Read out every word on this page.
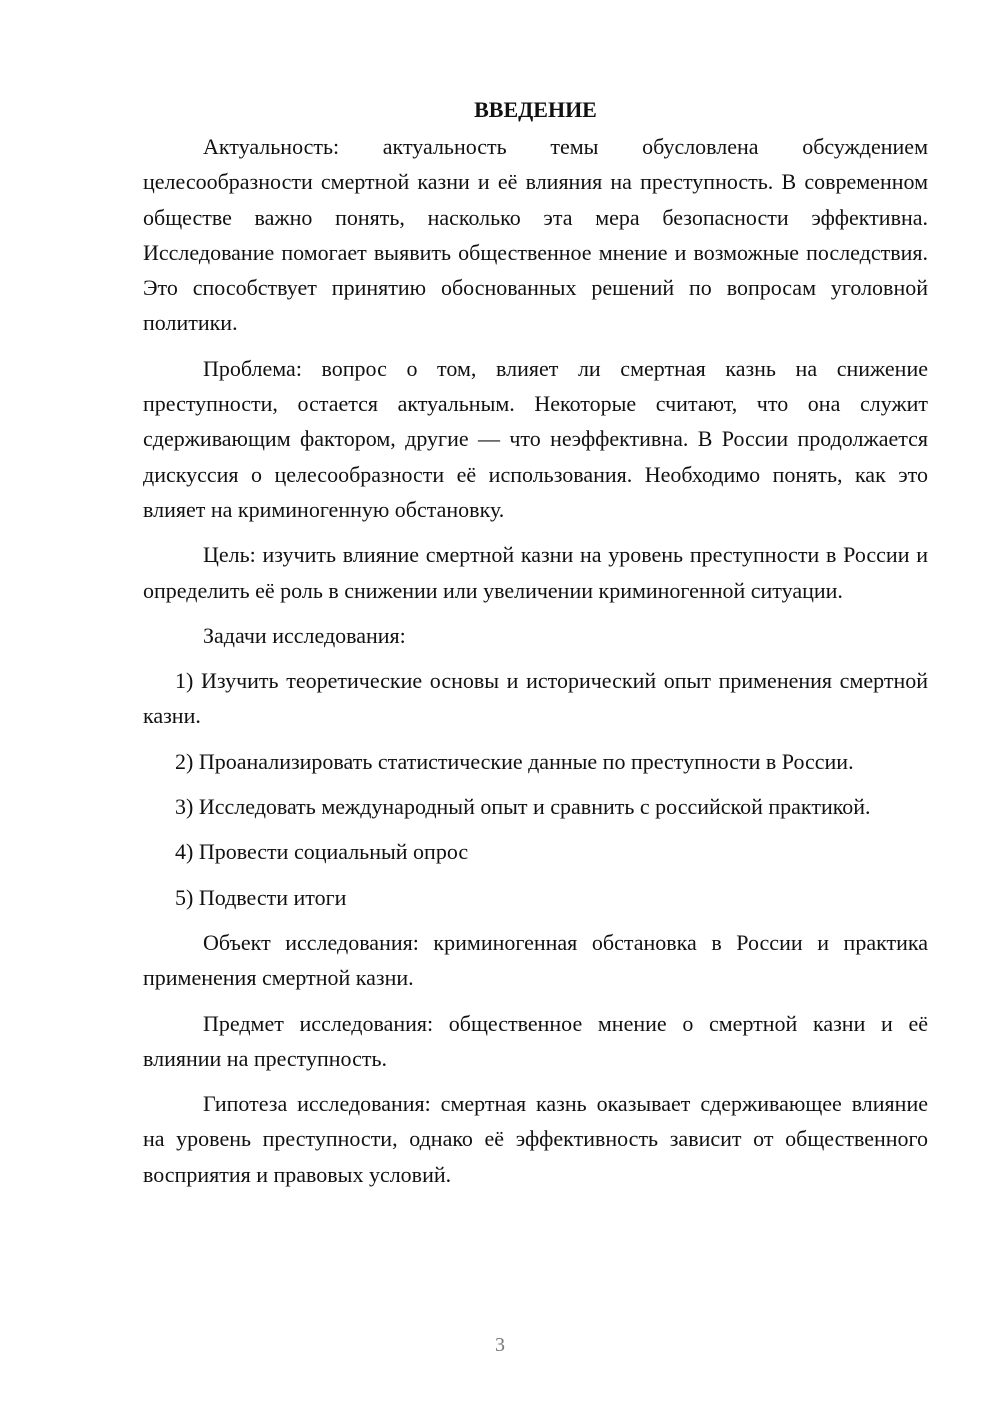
ВВЕДЕНИЕ

Актуальность: актуальность темы обусловлена обсуждением целесообразности смертной казни и её влияния на преступность. В современном обществе важно понять, насколько эта мера безопасности эффективна. Исследование помогает выявить общественное мнение и возможные последствия. Это способствует принятию обоснованных решений по вопросам уголовной политики.

Проблема: вопрос о том, влияет ли смертная казнь на снижение преступности, остается актуальным. Некоторые считают, что она служит сдерживающим фактором, другие — что неэффективна. В России продолжается дискуссия о целесообразности её использования. Необходимо понять, как это влияет на криминогенную обстановку.

Цель: изучить влияние смертной казни на уровень преступности в России и определить её роль в снижении или увеличении криминогенной ситуации.

Задачи исследования:

1) Изучить теоретические основы и исторический опыт применения смертной казни.

2) Проанализировать статистические данные по преступности в России.

3) Исследовать международный опыт и сравнить с российской практикой.

4) Провести социальный опрос

5) Подвести итоги

Объект исследования: криминогенная обстановка в России и практика применения смертной казни.

Предмет исследования: общественное мнение о смертной казни и её влиянии на преступность.

Гипотеза исследования: смертная казнь оказывает сдерживающее влияние на уровень преступности, однако её эффективность зависит от общественного восприятия и правовых условий.

3
